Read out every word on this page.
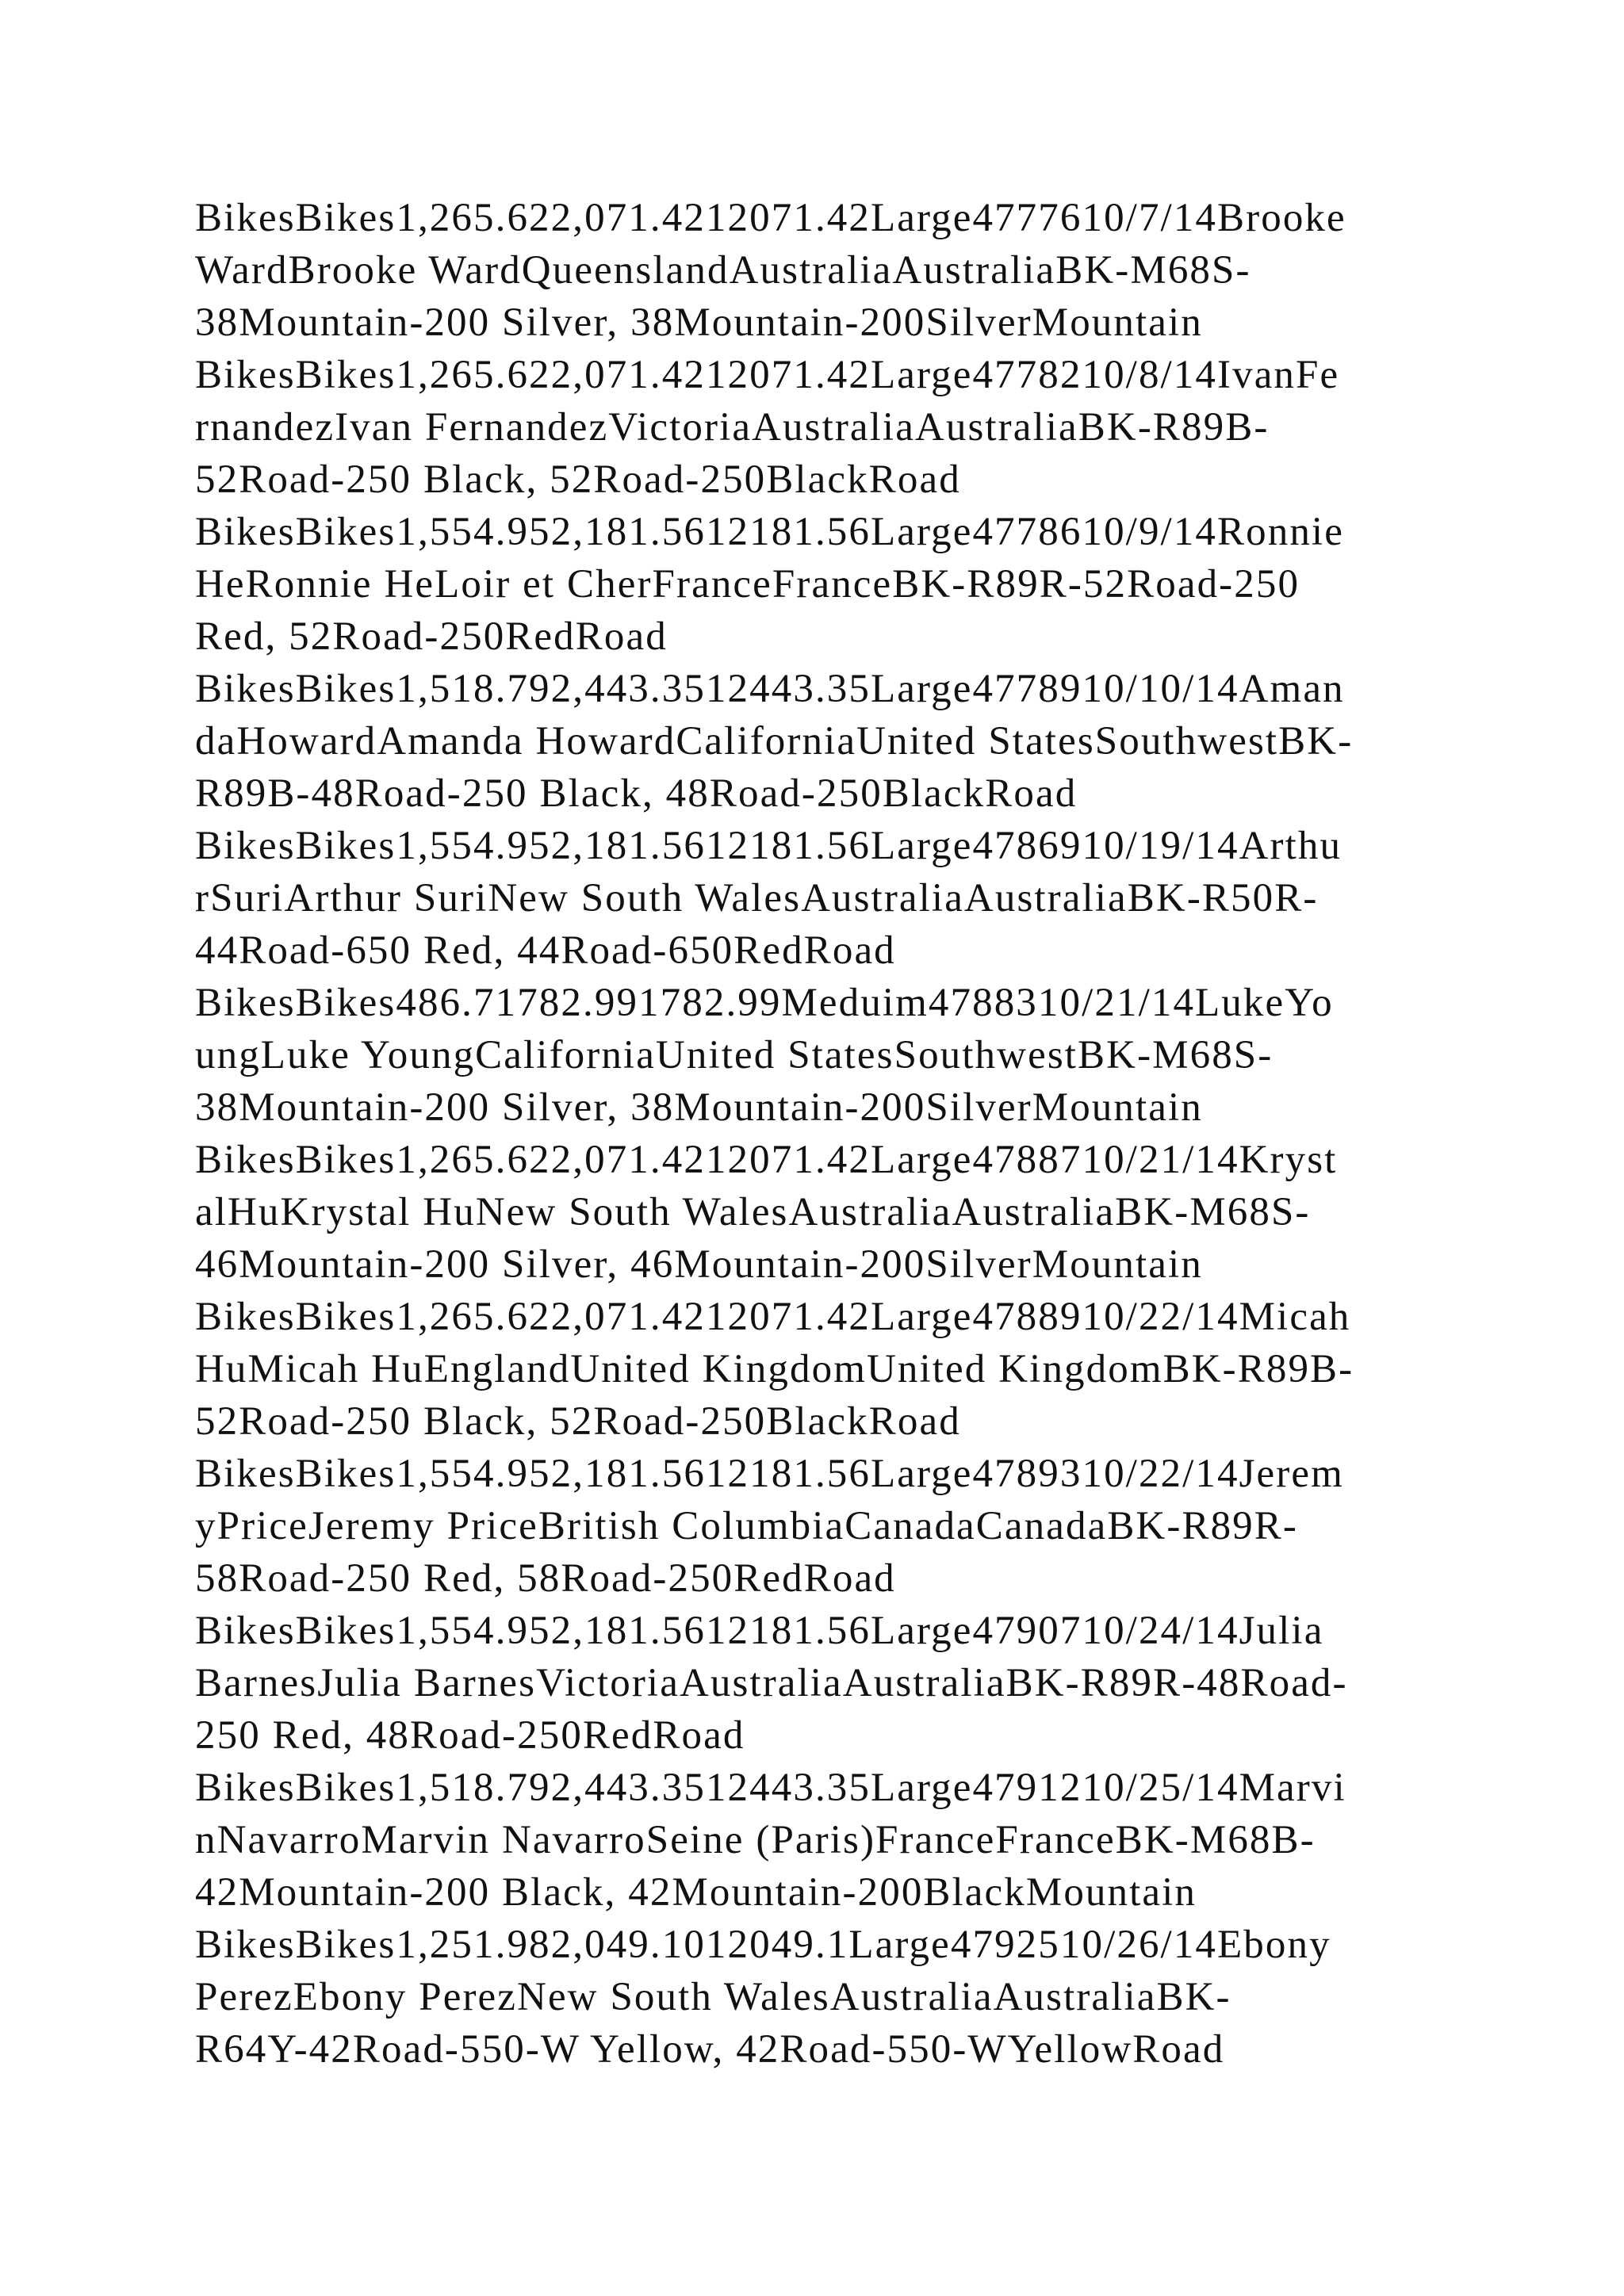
BikesBikes1,265.622,071.4212071.42Large4777610/7/14Brooke
WardBrooke WardQueenslandAustraliaAustraliaBK-M68S-
38Mountain-200 Silver, 38Mountain-200SilverMountain
BikesBikes1,265.622,071.4212071.42Large4778210/8/14IvanFe
rnandezIvan FernandezVictoriaAustraliaAustraliaBK-R89B-
52Road-250 Black, 52Road-250BlackRoad
BikesBikes1,554.952,181.5612181.56Large4778610/9/14Ronnie
HeRonnie HeLoir et CherFranceFranceBK-R89R-52Road-250
Red, 52Road-250RedRoad
BikesBikes1,518.792,443.3512443.35Large4778910/10/14Aman
daHowardAmanda HowardCaliforniaUnited StatesSouthwestBK-
R89B-48Road-250 Black, 48Road-250BlackRoad
BikesBikes1,554.952,181.5612181.56Large4786910/19/14Arthu
rSuriArthur SuriNew South WalesAustraliaAustraliaBK-R50R-
44Road-650 Red, 44Road-650RedRoad
BikesBikes486.71782.991782.99Meduim4788310/21/14LukeYo
ungLuke YoungCaliforniaUnited StatesSouthwestBK-M68S-
38Mountain-200 Silver, 38Mountain-200SilverMountain
BikesBikes1,265.622,071.4212071.42Large4788710/21/14Kryst
alHuKrystal HuNew South WalesAustraliaAustraliaBK-M68S-
46Mountain-200 Silver, 46Mountain-200SilverMountain
BikesBikes1,265.622,071.4212071.42Large4788910/22/14Micah
HuMicah HuEnglandUnited KingdomUnited KingdomBK-R89B-
52Road-250 Black, 52Road-250BlackRoad
BikesBikes1,554.952,181.5612181.56Large4789310/22/14Jerem
yPriceJeremy PriceBritish ColumbiaCanadaCanadaBK-R89R-
58Road-250 Red, 58Road-250RedRoad
BikesBikes1,554.952,181.5612181.56Large4790710/24/14Julia
BarnesJulia BarnesVictoriaAustraliaAustraliaBK-R89R-48Road-
250 Red, 48Road-250RedRoad
BikesBikes1,518.792,443.3512443.35Large4791210/25/14Marvi
nNavarroMarvin NavarroSeine (Paris)FranceFranceBK-M68B-
42Mountain-200 Black, 42Mountain-200BlackMountain
BikesBikes1,251.982,049.1012049.1Large4792510/26/14Ebony
PerezEbony PerezNew South WalesAustraliaAustraliaBK-
R64Y-42Road-550-W Yellow, 42Road-550-WYellowRoad
